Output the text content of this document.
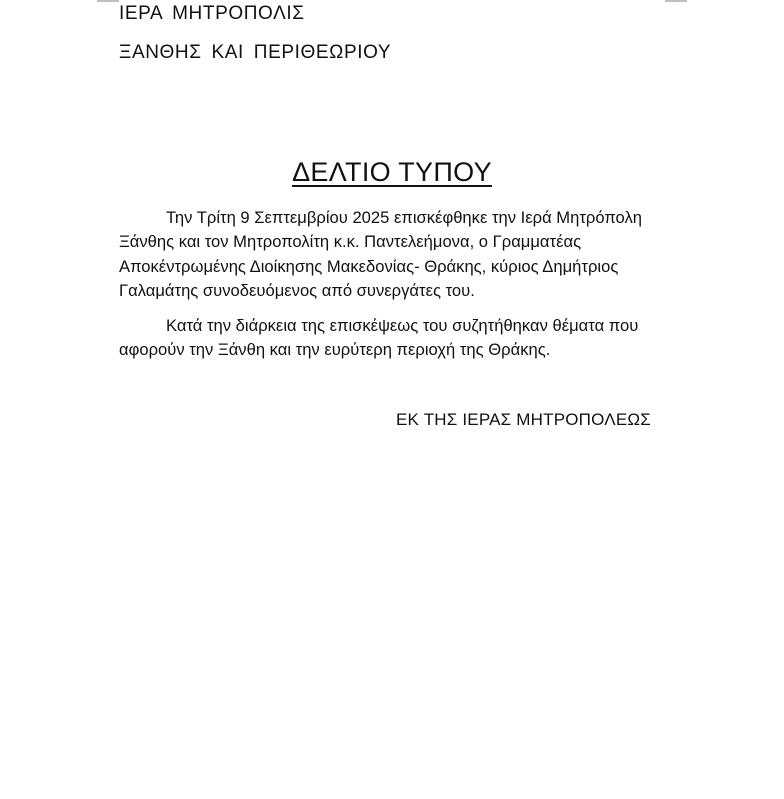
ΙΕΡΑ ΜΗΤΡΟΠΟΛΙΣ
ΞΑΝΘΗΣ ΚΑΙ ΠΕΡΙΘΕΩΡΙΟΥ
ΔΕΛΤΙΟ ΤΥΠΟΥ

Την Τρίτη 9 Σεπτεμβρίου 2025 επισκέφθηκε την Ιερά Μητρόπολη Ξάνθης και τον Μητροπολίτη κ.κ. Παντελεήμονα, ο Γραμματέας Αποκέντρωμένης Διοίκησης Μακεδονίας- Θράκης, κύριος Δημήτριος Γαλαμάτης συνοδευόμενος από συνεργάτες του.

Κατά την διάρκεια της επισκέψεως του συζητήθηκαν θέματα που αφορούν την Ξάνθη και την ευρύτερη περιοχή της Θράκης.

ΕΚ ΤΗΣ ΙΕΡΑΣ ΜΗΤΡΟΠΟΛΕΩΣ
